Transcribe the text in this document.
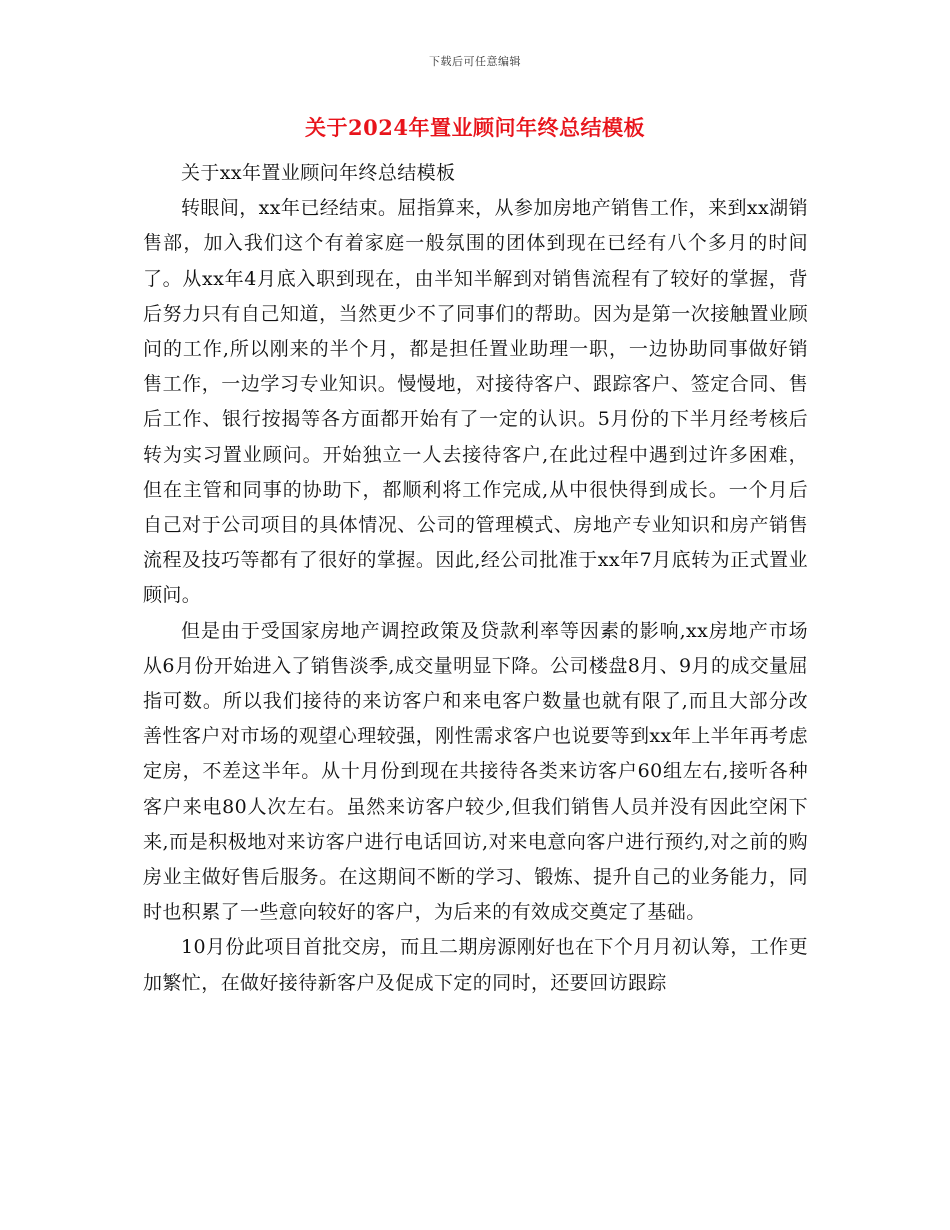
下载后可任意编辑
关于2024年置业顾问年终总结模板

关于xx年置业顾问年终总结模板

转眼间，xx年已经结束。屈指算来，从参加房地产销售工作，来到xx湖销售部，加入我们这个有着家庭一般氛围的团体到现在已经有八个多月的时间了。从xx年4月底入职到现在，由半知半解到对销售流程有了较好的掌握，背后努力只有自己知道，当然更少不了同事们的帮助。因为是第一次接触置业顾问的工作,所以刚来的半个月，都是担任置业助理一职，一边协助同事做好销售工作，一边学习专业知识。慢慢地，对接待客户、跟踪客户、签定合同、售后工作、银行按揭等各方面都开始有了一定的认识。5月份的下半月经考核后转为实习置业顾问。开始独立一人去接待客户,在此过程中遇到过许多困难，但在主管和同事的协助下，都顺利将工作完成,从中很快得到成长。一个月后自己对于公司项目的具体情况、公司的管理模式、房地产专业知识和房产销售流程及技巧等都有了很好的掌握。因此,经公司批准于xx年7月底转为正式置业顾问。

但是由于受国家房地产调控政策及贷款利率等因素的影响,xx房地产市场从6月份开始进入了销售淡季,成交量明显下降。公司楼盘8月、9月的成交量屈指可数。所以我们接待的来访客户和来电客户数量也就有限了,而且大部分改善性客户对市场的观望心理较强，刚性需求客户也说要等到xx年上半年再考虑定房，不差这半年。从十月份到现在共接待各类来访客户60组左右,接听各种客户来电80人次左右。虽然来访客户较少,但我们销售人员并没有因此空闲下来,而是积极地对来访客户进行电话回访,对来电意向客户进行预约,对之前的购房业主做好售后服务。在这期间不断的学习、锻炼、提升自己的业务能力，同时也积累了一些意向较好的客户，为后来的有效成交奠定了基础。

10月份此项目首批交房，而且二期房源刚好也在下个月月初认筹，工作更加繁忙，在做好接待新客户及促成下定的同时，还要回访跟踪
